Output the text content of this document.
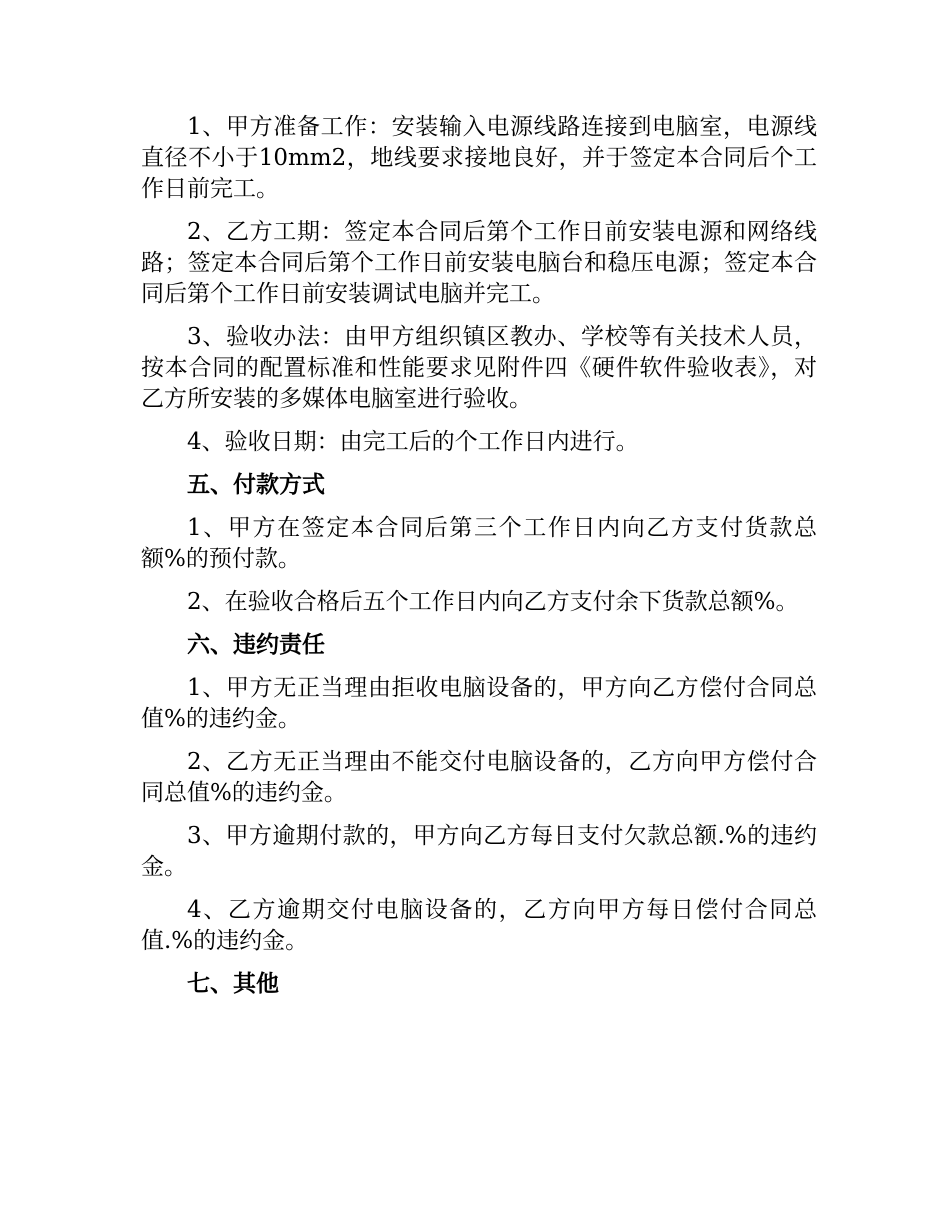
1、甲方准备工作：安装输入电源线路连接到电脑室，电源线直径不小于10mm2，地线要求接地良好，并于签定本合同后个工作日前完工。

2、乙方工期：签定本合同后第个工作日前安装电源和网络线路；签定本合同后第个工作日前安装电脑台和稳压电源；签定本合同后第个工作日前安装调试电脑并完工。

3、验收办法：由甲方组织镇区教办、学校等有关技术人员，按本合同的配置标准和性能要求见附件四《硬件软件验收表》，对乙方所安装的多媒体电脑室进行验收。

4、验收日期：由完工后的个工作日内进行。

五、付款方式

1、甲方在签定本合同后第三个工作日内向乙方支付货款总额%的预付款。

2、在验收合格后五个工作日内向乙方支付余下货款总额%。

六、违约责任

1、甲方无正当理由拒收电脑设备的，甲方向乙方偿付合同总值%的违约金。

2、乙方无正当理由不能交付电脑设备的，乙方向甲方偿付合同总值%的违约金。

3、甲方逾期付款的，甲方向乙方每日支付欠款总额.%的违约金。

4、乙方逾期交付电脑设备的，乙方向甲方每日偿付合同总值.%的违约金。

七、其他
